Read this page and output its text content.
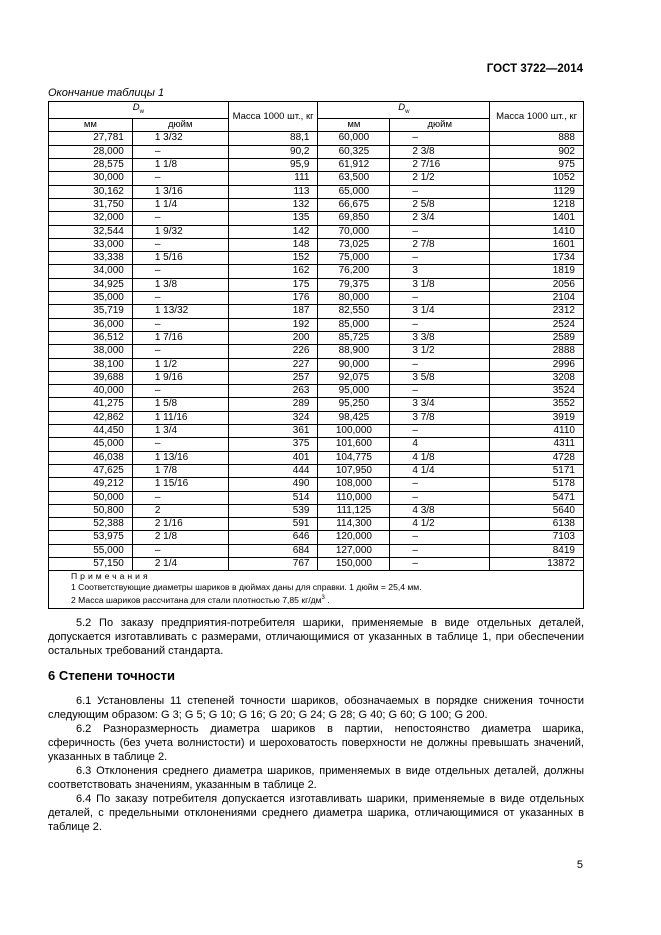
ГОСТ 3722—2014
Окончание таблицы 1
$D_w$		Масса 1000 шт., кг	$D_w$		Масса 1000 шт., кг
мм	дюйм		мм	дюйм	
27,781	1 3/32	88,1	60,000	–	888
28,000	–	90,2	60,325	2 3/8	902
28,575	1 1/8	95,9	61,912	2 7/16	975
30,000	–	111	63,500	2 1/2	1052
30,162	1 3/16	113	65,000	–	1129
31,750	1 1/4	132	66,675	2 5/8	1218
32,000	–	135	69,850	2 3/4	1401
32,544	1 9/32	142	70,000	–	1410
33,000	–	148	73,025	2 7/8	1601
33,338	1 5/16	152	75,000	–	1734
34,000	–	162	76,200	3	1819
34,925	1 3/8	175	79,375	3 1/8	2056
35,000	–	176	80,000	–	2104
35,719	1 13/32	187	82,550	3 1/4	2312
36,000	–	192	85,000	–	2524
36,512	1 7/16	200	85,725	3 3/8	2589
38,000	–	226	88,900	3 1/2	2888
38,100	1 1/2	227	90,000	–	2996
39,688	1 9/16	257	92,075	3 5/8	3208
40,000	–	263	95,000	–	3524
41,275	1 5/8	289	95,250	3 3/4	3552
42,862	1 11/16	324	98,425	3 7/8	3919
44,450	1 3/4	361	100,000	–	4110
45,000	–	375	101,600	4	4311
46,038	1 13/16	401	104,775	4 1/8	4728
47,625	1 7/8	444	107,950	4 1/4	5171
49,212	1 15/16	490	108,000	–	5178
50,000	–	514	110,000	–	5471
50,800	2	539	111,125	4 3/8	5640
52,388	2 1/16	591	114,300	4 1/2	6138
53,975	2 1/8	646	120,000	–	7103
55,000	–	684	127,000	–	8419
57,150	2 1/4	767	150,000	–	13872

Примечания
1 Соответствующие диаметры шариков в дюймах даны для справки. 1 дюйм = 25,4 мм.
2 Масса шариков рассчитана для стали плотностью 7,85 $кг/дм^3$ .					

5.2 По заказу предприятия-потребителя шарики, применяемые в виде отдельных деталей, допускается изготавливать с размерами, отличающимися от указанных в таблице 1, при обеспечении остальных требований стандарта.

6 Степени точности

6.1 Установлены 11 степеней точности шариков, обозначаемых в порядке снижения точности следующим образом: G 3; G 5; G 10; G 16; G 20; G 24; G 28; G 40; G 60; G 100; G 200.

6.2 Разноразмерность диаметра шариков в партии, непостоянство диаметра шарика, сферичность (без учета волнистости) и шероховатость поверхности не должны превышать значений, указанных в таблице 2.

6.3 Отклонения среднего диаметра шариков, применяемых в виде отдельных деталей, должны соответствовать значениям, указанным в таблице 2.

6.4 По заказу потребителя допускается изготавливать шарики, применяемые в виде отдельных деталей, с предельными отклонениями среднего диаметра шарика, отличающимися от указанных в таблице 2.

5
